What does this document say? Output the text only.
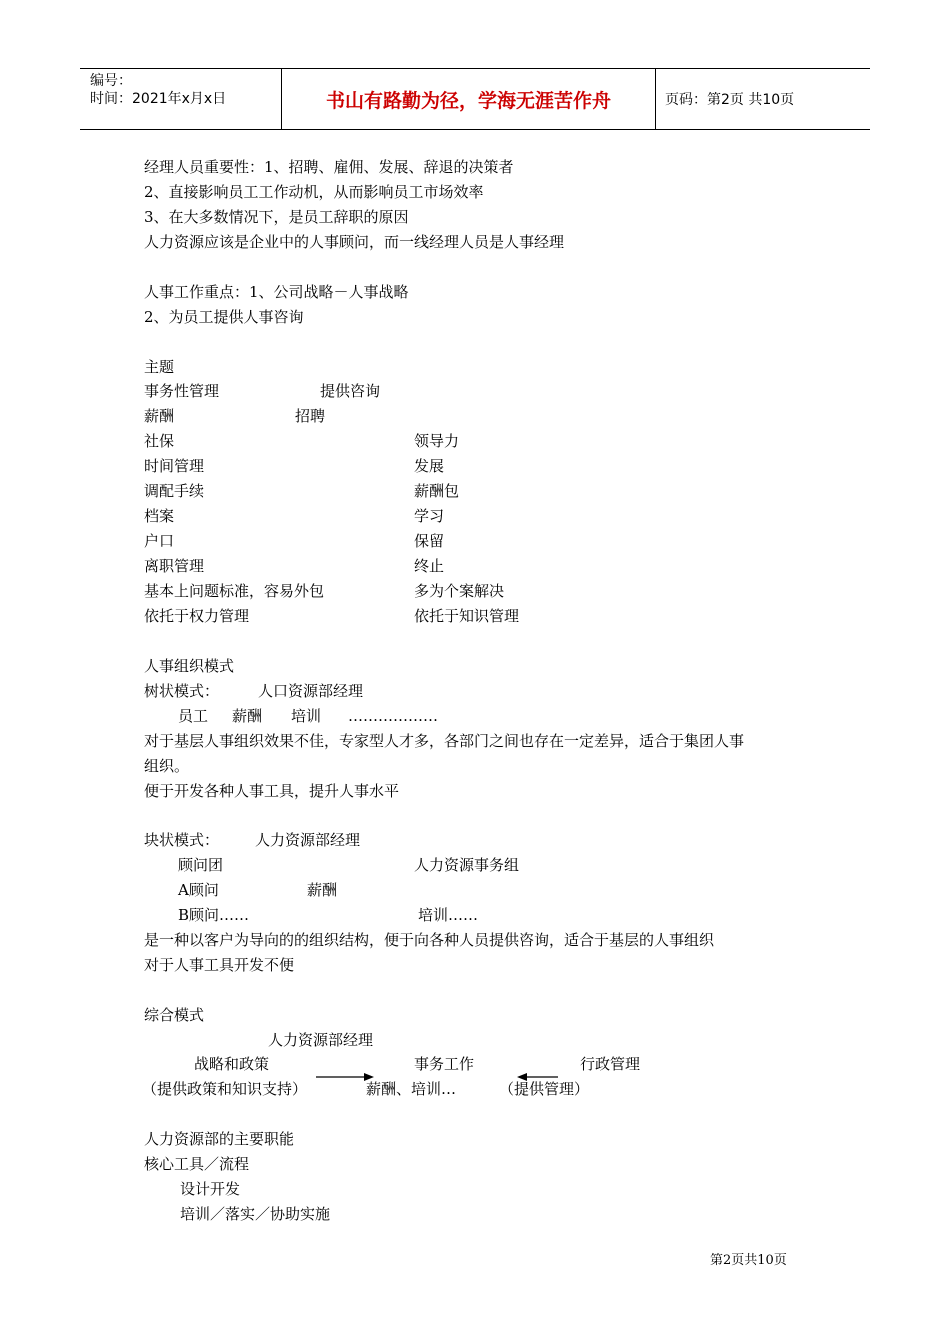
编号：
时间：2021年x月x日	书山有路勤为径，学海无涯苦作舟	页码：第2页 共10页
经理人员重要性：1、招聘、雇佣、发展、辞退的决策者
2、直接影响员工工作动机，从而影响员工市场效率
3、在大多数情况下，是员工辞职的原因
人力资源应该是企业中的人事顾问，而一线经理人员是人事经理
人事工作重点：1、公司战略－人事战略
2、为员工提供人事咨询
主题
事务性管理	提供咨询
薪酬	招聘
社保	领导力
时间管理	发展
调配手续	薪酬包
档案	学习
户口	保留
离职管理	终止
基本上问题标准，容易外包	多为个案解决
依托于权力管理	依托于知识管理
人事组织模式
树状模式：	人口资源部经理
员工 薪酬 培训 ………………
对于基层人事组织效果不佳，专家型人才多，各部门之间也存在一定差异，适合于集团人事
组织。
便于开发各种人事工具，提升人事水平
块状模式： 人力资源部经理
顾问团	人力资源事务组
A顾问	薪酬
B顾问……	培训……
是一种以客户为导向的的组织结构，便于向各种人员提供咨询，适合于基层的人事组织
对于人事工具开发不便
综合模式
人力资源部经理
战略和政策	事务工作	行政管理
（提供政策和知识支持）	薪酬、培训…	（提供管理）
人力资源部的主要职能
核心工具／流程
设计开发
培训／落实／协助实施
第2页共10页
